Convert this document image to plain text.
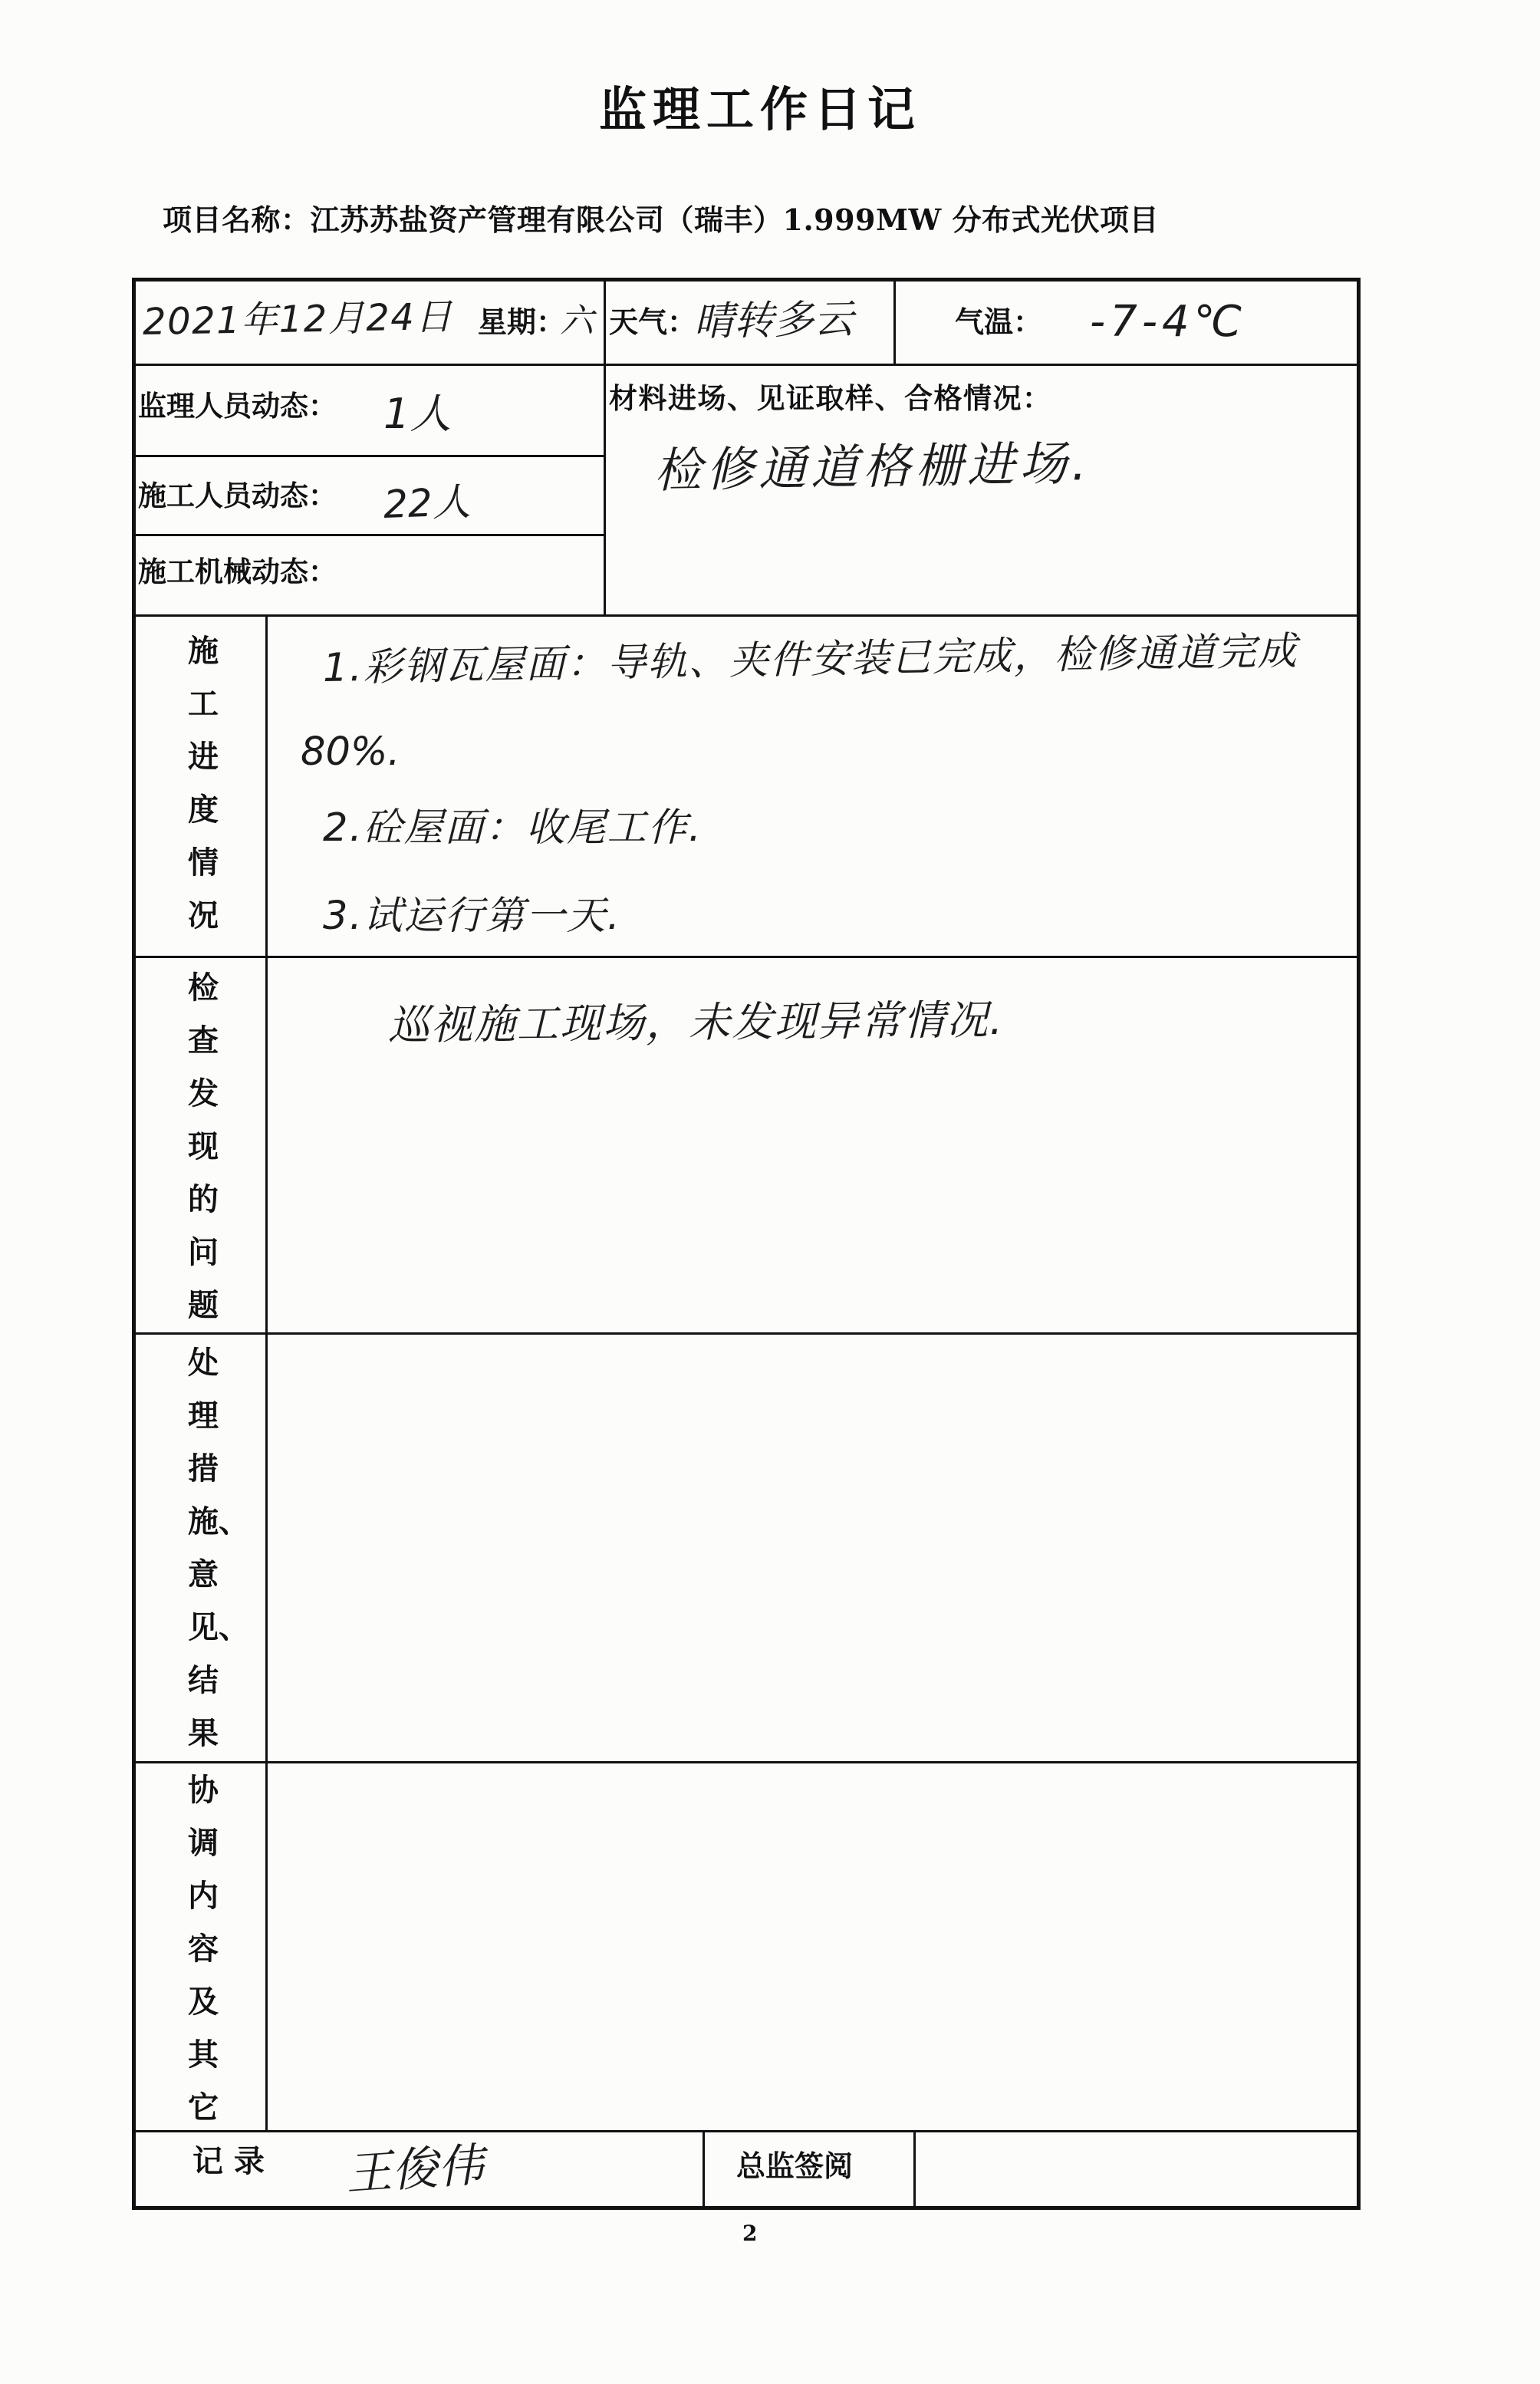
监理工作日记
项目名称：江苏苏盐资产管理有限公司（瑞丰）1.999MW 分布式光伏项目
2021年12月24日 星期：
六 天气：
晴转多云	气温： -7-4℃
监理人员动态： 1人
施工人员动态： 22人
施工机械动态：
材料进场、见证取样、合格情况：
检修通道格栅进场.
施工进度情况
检查发现的问题
处理措施、意见、结果
协调内容及其它
1.彩钢瓦屋面：导轨、夹件安装已完成，检修通道完成
80%.
2.砼屋面：收尾工作.
3.试运行第一天.
巡视施工现场，未发现异常情况.
记 录 王俊伟	总监签阅
2
